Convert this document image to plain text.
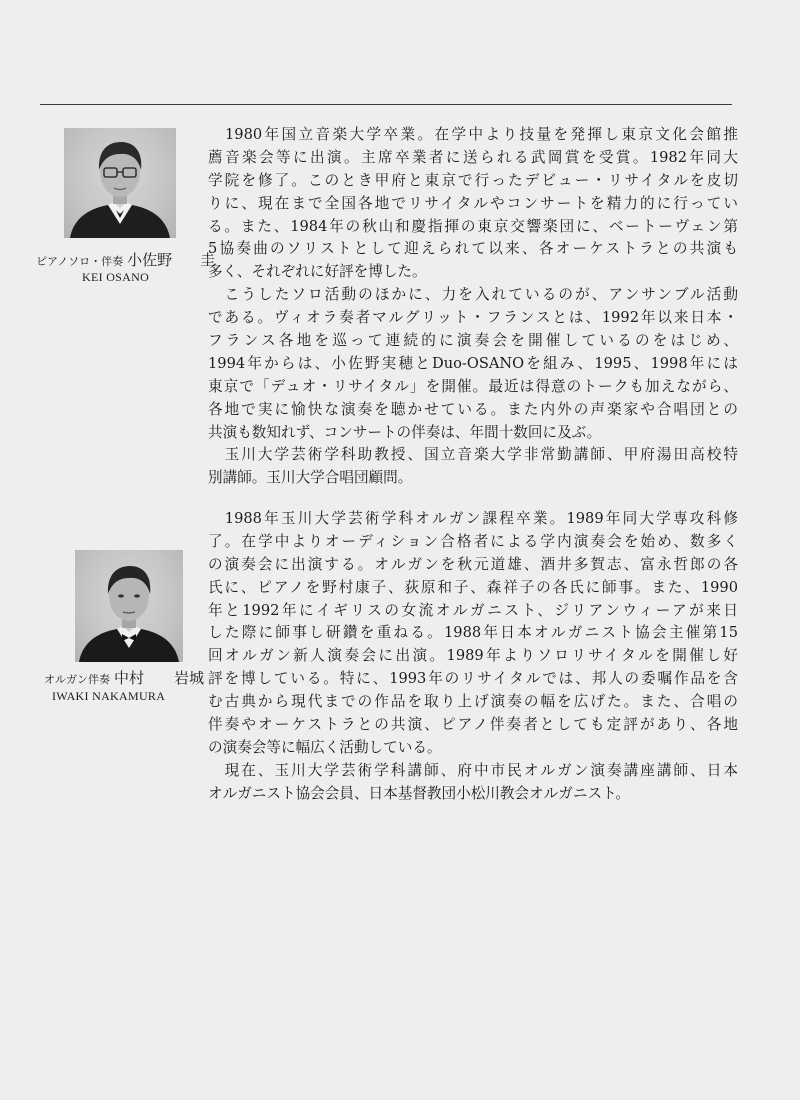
ピアノソロ・伴奏 小佐野 圭
KEI OSANO
　1980年国立音楽大学卒業。在学中より技量を発揮し東京文化会館推
薦音楽会等に出演。主席卒業者に送られる武岡賞を受賞。1982年同大
学院を修了。このとき甲府と東京で行ったデビュー・リサイタルを皮切
りに、現在まで全国各地でリサイタルやコンサートを精力的に行ってい
る。また、1984年の秋山和慶指揮の東京交響楽団に、ベートーヴェン第
5協奏曲のソリストとして迎えられて以来、各オーケストラとの共演も
多く、それぞれに好評を博した。
　こうしたソロ活動のほかに、力を入れているのが、アンサンブル活動
である。ヴィオラ奏者マルグリット・フランスとは、1992年以来日本・
フランス各地を巡って連続的に演奏会を開催しているのをはじめ、
1994年からは、小佐野実穂とDuo-OSANOを組み、1995、1998年には
東京で「デュオ・リサイタル」を開催。最近は得意のトークも加えながら、
各地で実に愉快な演奏を聴かせている。また内外の声楽家や合唱団との
共演も数知れず、コンサートの伴奏は、年間十数回に及ぶ。
　玉川大学芸術学科助教授、国立音楽大学非常勤講師、甲府湯田高校特
別講師。玉川大学合唱団顧問。
オルガン伴奏 中村 岩城
IWAKI NAKAMURA
　1988年玉川大学芸術学科オルガン課程卒業。1989年同大学専攻科修
了。在学中よりオーディション合格者による学内演奏会を始め、数多く
の演奏会に出演する。オルガンを秋元道雄、酒井多賀志、富永哲郎の各
氏に、ピアノを野村康子、荻原和子、森祥子の各氏に師事。また、1990
年と1992年にイギリスの女流オルガニスト、ジリアンウィーアが来日
した際に師事し研鑽を重ねる。1988年日本オルガニスト協会主催第15
回オルガン新人演奏会に出演。1989年よりソロリサイタルを開催し好
評を博している。特に、1993年のリサイタルでは、邦人の委嘱作品を含
む古典から現代までの作品を取り上げ演奏の幅を広げた。また、合唱の
伴奏やオーケストラとの共演、ピアノ伴奏者としても定評があり、各地
の演奏会等に幅広く活動している。
　現在、玉川大学芸術学科講師、府中市民オルガン演奏講座講師、日本
オルガニスト協会会員、日本基督教団小松川教会オルガニスト。
